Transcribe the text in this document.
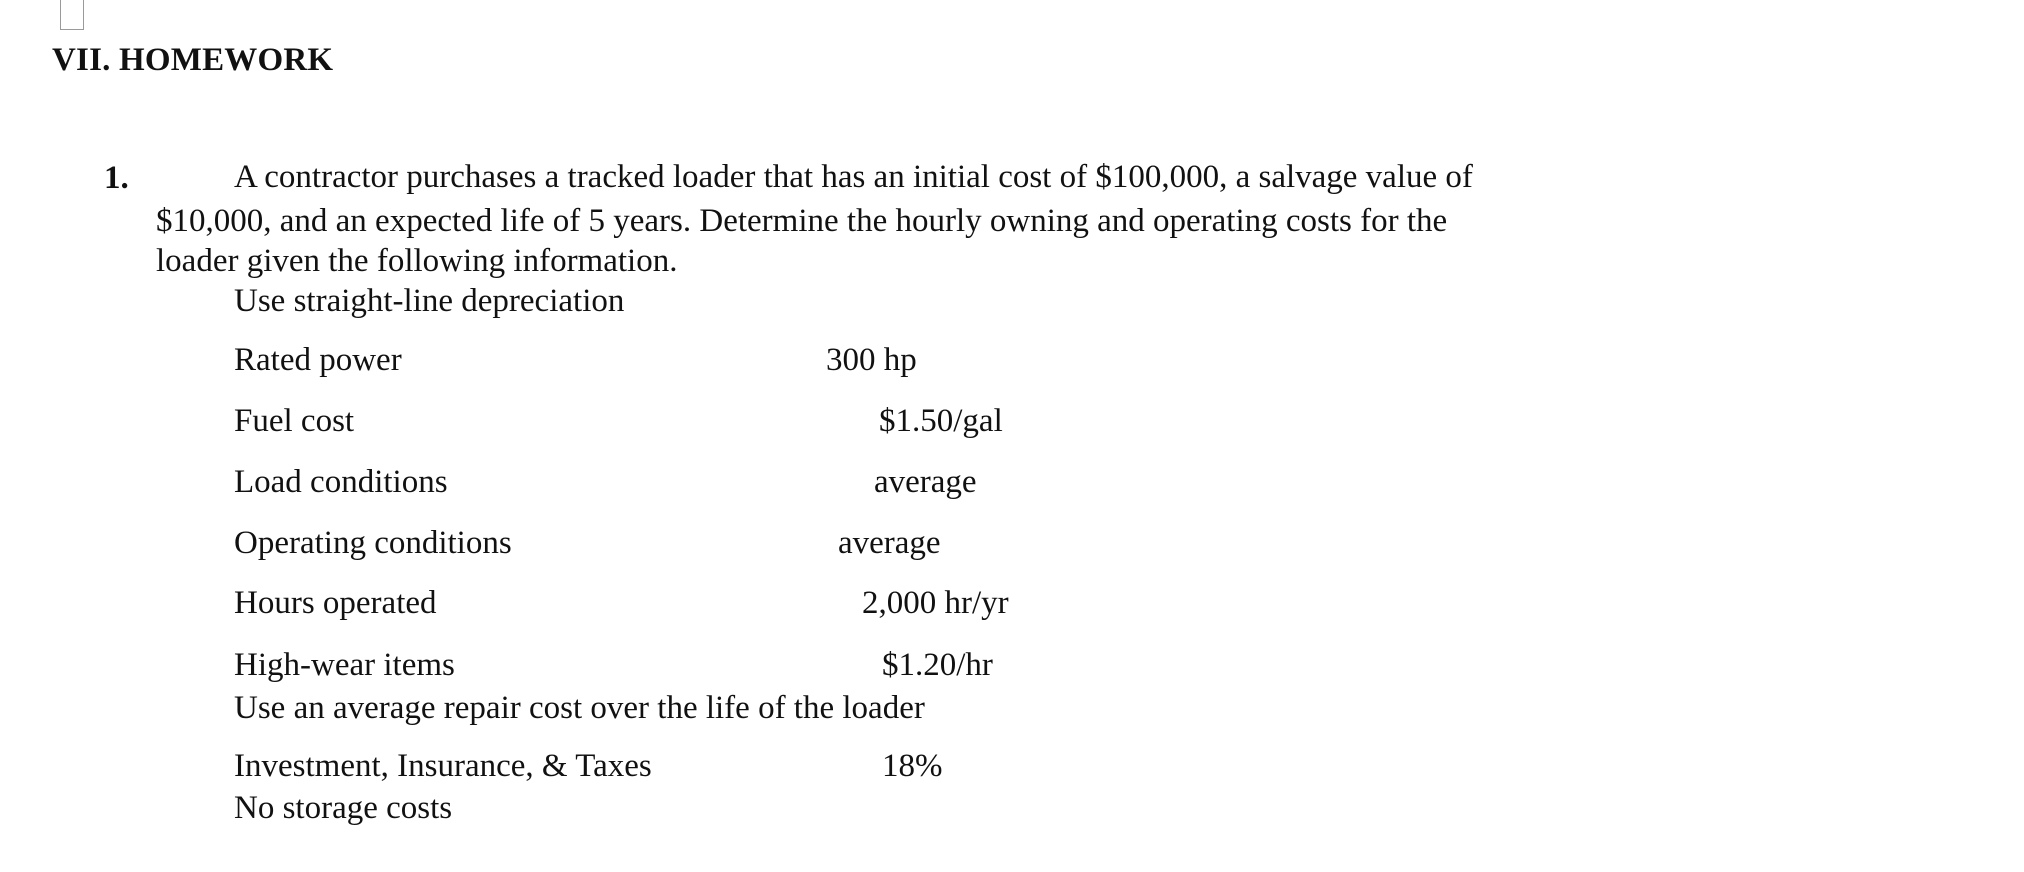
VII. HOMEWORK
1.	A contractor purchases a tracked loader that has an initial cost of $100,000, a salvage value of
$10,000, and an expected life of 5 years. Determine the hourly owning and operating costs for the
loader given the following information.
Use straight-line depreciation
Rated power	300 hp
Fuel cost	$1.50/gal
Load conditions	average
Operating conditions	average
Hours operated	2,000 hr/yr
High-wear items	$1.20/hr
Use an average repair cost over the life of the loader
Investment, Insurance, & Taxes	18%
No storage costs
